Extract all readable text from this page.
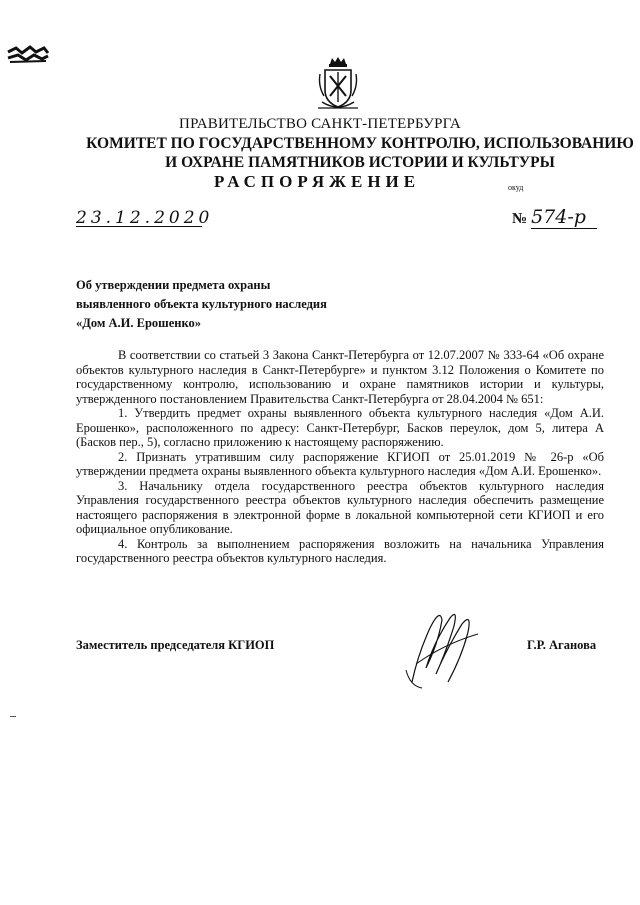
ПРАВИТЕЛЬСТВО САНКТ-ПЕТЕРБУРГА
КОМИТЕТ ПО ГОСУДАРСТВЕННОМУ КОНТРОЛЮ, ИСПОЛЬЗОВАНИЮ
И ОХРАНЕ ПАМЯТНИКОВ ИСТОРИИ И КУЛЬТУРЫ
РАСПОРЯЖЕНИЕ	окуд
23.12.2020	№ 574-р
Об утверждении предмета охраны
выявленного объекта культурного наследия
«Дом А.И. Ерошенко»

В соответствии со статьей 3 Закона Санкт-Петербурга от 12.07.2007 № 333-64 «Об охране объектов культурного наследия в Санкт-Петербурге» и пунктом 3.12 Положения о Комитете по государственному контролю, использованию и охране памятников истории и культуры, утвержденного постановлением Правительства Санкт-Петербурга от 28.04.2004 № 651:

1. Утвердить предмет охраны выявленного объекта культурного наследия «Дом А.И. Ерошенко», расположенного по адресу: Санкт-Петербург, Басков переулок, дом 5, литера А (Басков пер., 5), согласно приложению к настоящему распоряжению.

2. Признать утратившим силу распоряжение КГИОП от 25.01.2019 № 26-р «Об утверждении предмета охраны выявленного объекта культурного наследия «Дом А.И. Ерошенко».

3. Начальнику отдела государственного реестра объектов культурного наследия Управления государственного реестра объектов культурного наследия обеспечить размещение настоящего распоряжения в электронной форме в локальной компьютерной сети КГИОП и его официальное опубликование.

4. Контроль за выполнением распоряжения возложить на начальника Управления государственного реестра объектов культурного наследия.

Заместитель председателя КГИОП	Г.Р. Аганова
